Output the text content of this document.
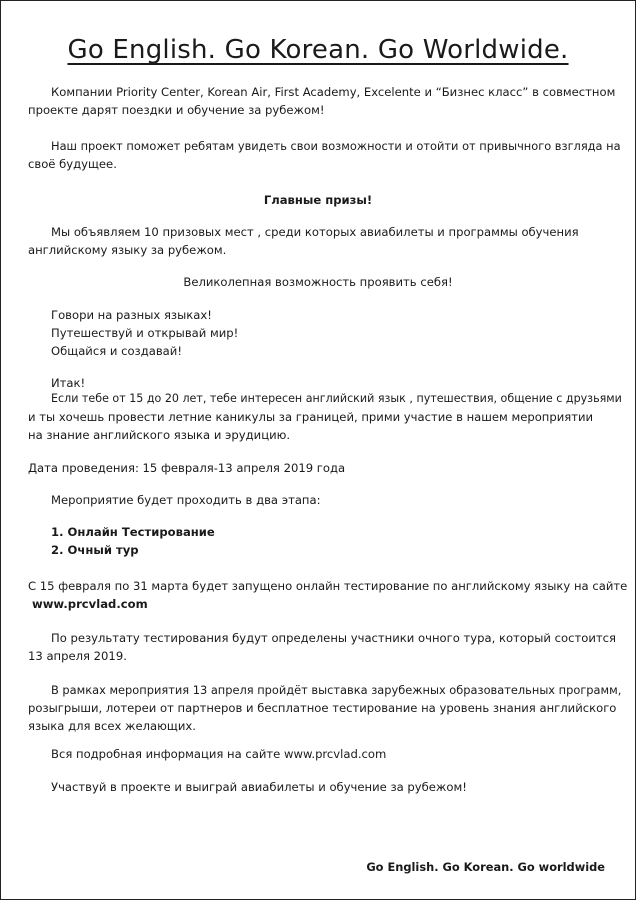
Go English. Go Korean. Go Worldwide.

Компании Priority Center, Korean Air, First Academy, Excelente и “Бизнес класс” в совместном

проекте дарят поездки и обучение за рубежом!

Наш проект поможет ребятам увидеть свои возможности и отойти от привычного взгляда на

своё будущее.

Главные призы!

Мы объявляем 10 призовых мест , среди которых авиабилеты и программы обучения

английскому языку за рубежом.

Великолепная возможность проявить себя!

Говори на разных языках!

Путешествуй и открывай мир!

Общайся и создавай!

Итак!

Если тебе от 15 до 20 лет, тебе интересен английский язык , путешествия, общение с друзьями

и ты хочешь провести летние каникулы за границей, прими участие в нашем мероприятии

на знание английского языка и эрудицию.

Дата проведения: 15 февраля-13 апреля 2019 года

Мероприятие будет проходить в два этапа:

1. Онлайн Тестирование

2. Очный тур

С 15 февраля по 31 марта будет запущено онлайн тестирование по английскому языку на сайте

www.prcvlad.com

По результату тестирования будут определены участники очного тура, который состоится

13 апреля 2019.

В рамках мероприятия 13 апреля пройдёт выставка зарубежных образовательных программ,

розыгрыши, лотереи от партнеров и бесплатное тестирование на уровень знания английского

языка для всех желающих.

Вся подробная информация на сайте www.prcvlad.com

Участвуй в проекте и выиграй авиабилеты и обучение за рубежом!

Go English. Go Korean. Go worldwide
